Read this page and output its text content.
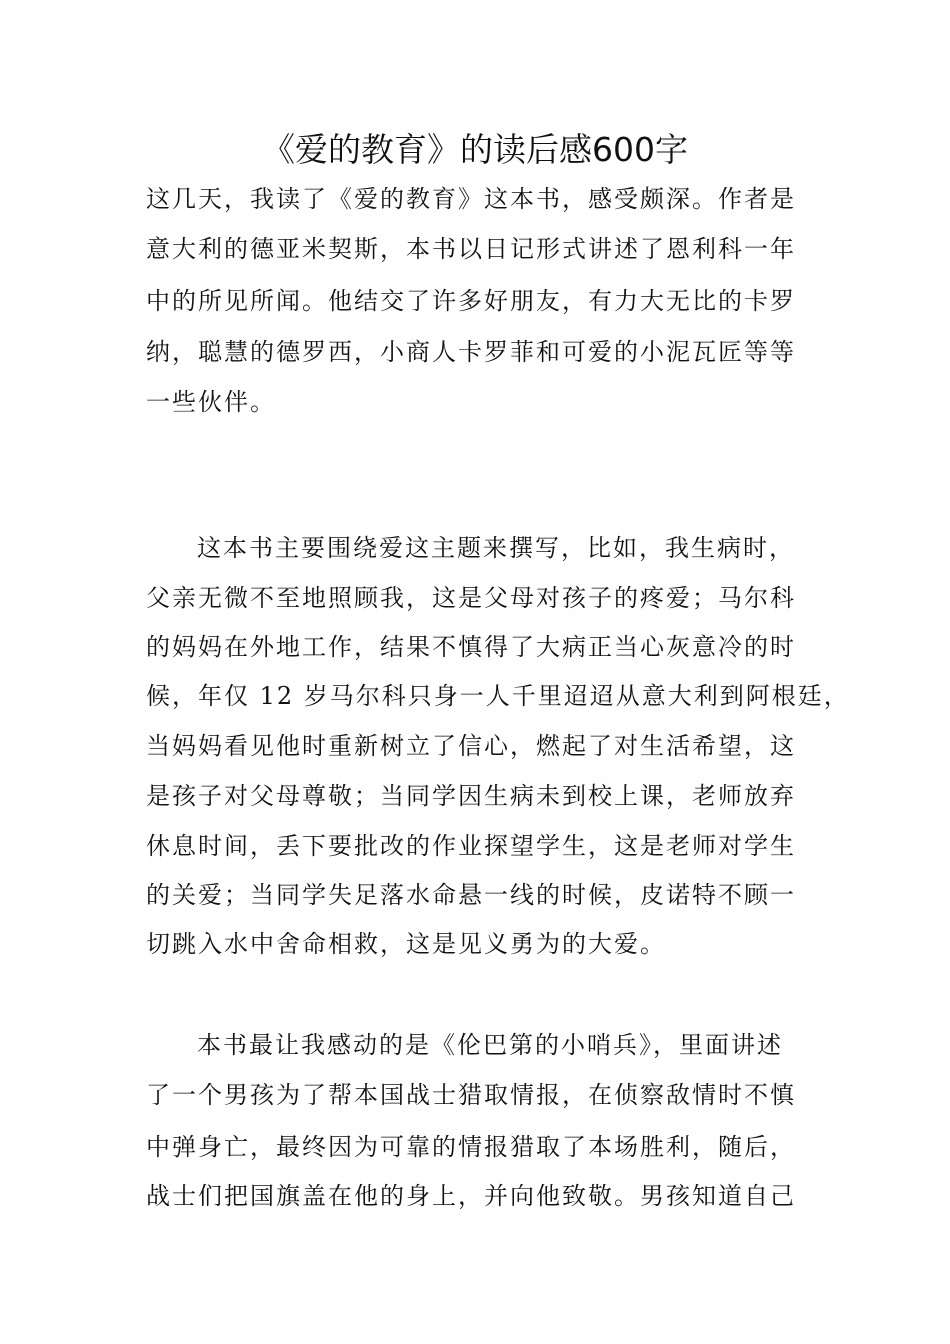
《爱的教育》的读后感600字

这几天，我读了《爱的教育》这本书，感受颇深。作者是

意大利的德亚米契斯，本书以日记形式讲述了恩利科一年

中的所见所闻。他结交了许多好朋友，有力大无比的卡罗

纳，聪慧的德罗西，小商人卡罗菲和可爱的小泥瓦匠等等

一些伙伴。

这本书主要围绕爱这主题来撰写，比如，我生病时，

父亲无微不至地照顾我，这是父母对孩子的疼爱；马尔科

的妈妈在外地工作，结果不慎得了大病正当心灰意冷的时

候，年仅 12 岁马尔科只身一人千里迢迢从意大利到阿根廷，

当妈妈看见他时重新树立了信心，燃起了对生活希望，这

是孩子对父母尊敬；当同学因生病未到校上课，老师放弃

休息时间，丢下要批改的作业探望学生，这是老师对学生

的关爱；当同学失足落水命悬一线的时候，皮诺特不顾一

切跳入水中舍命相救，这是见义勇为的大爱。

本书最让我感动的是《伦巴第的小哨兵》，里面讲述

了一个男孩为了帮本国战士猎取情报，在侦察敌情时不慎

中弹身亡，最终因为可靠的情报猎取了本场胜利，随后，

战士们把国旗盖在他的身上，并向他致敬。男孩知道自己
